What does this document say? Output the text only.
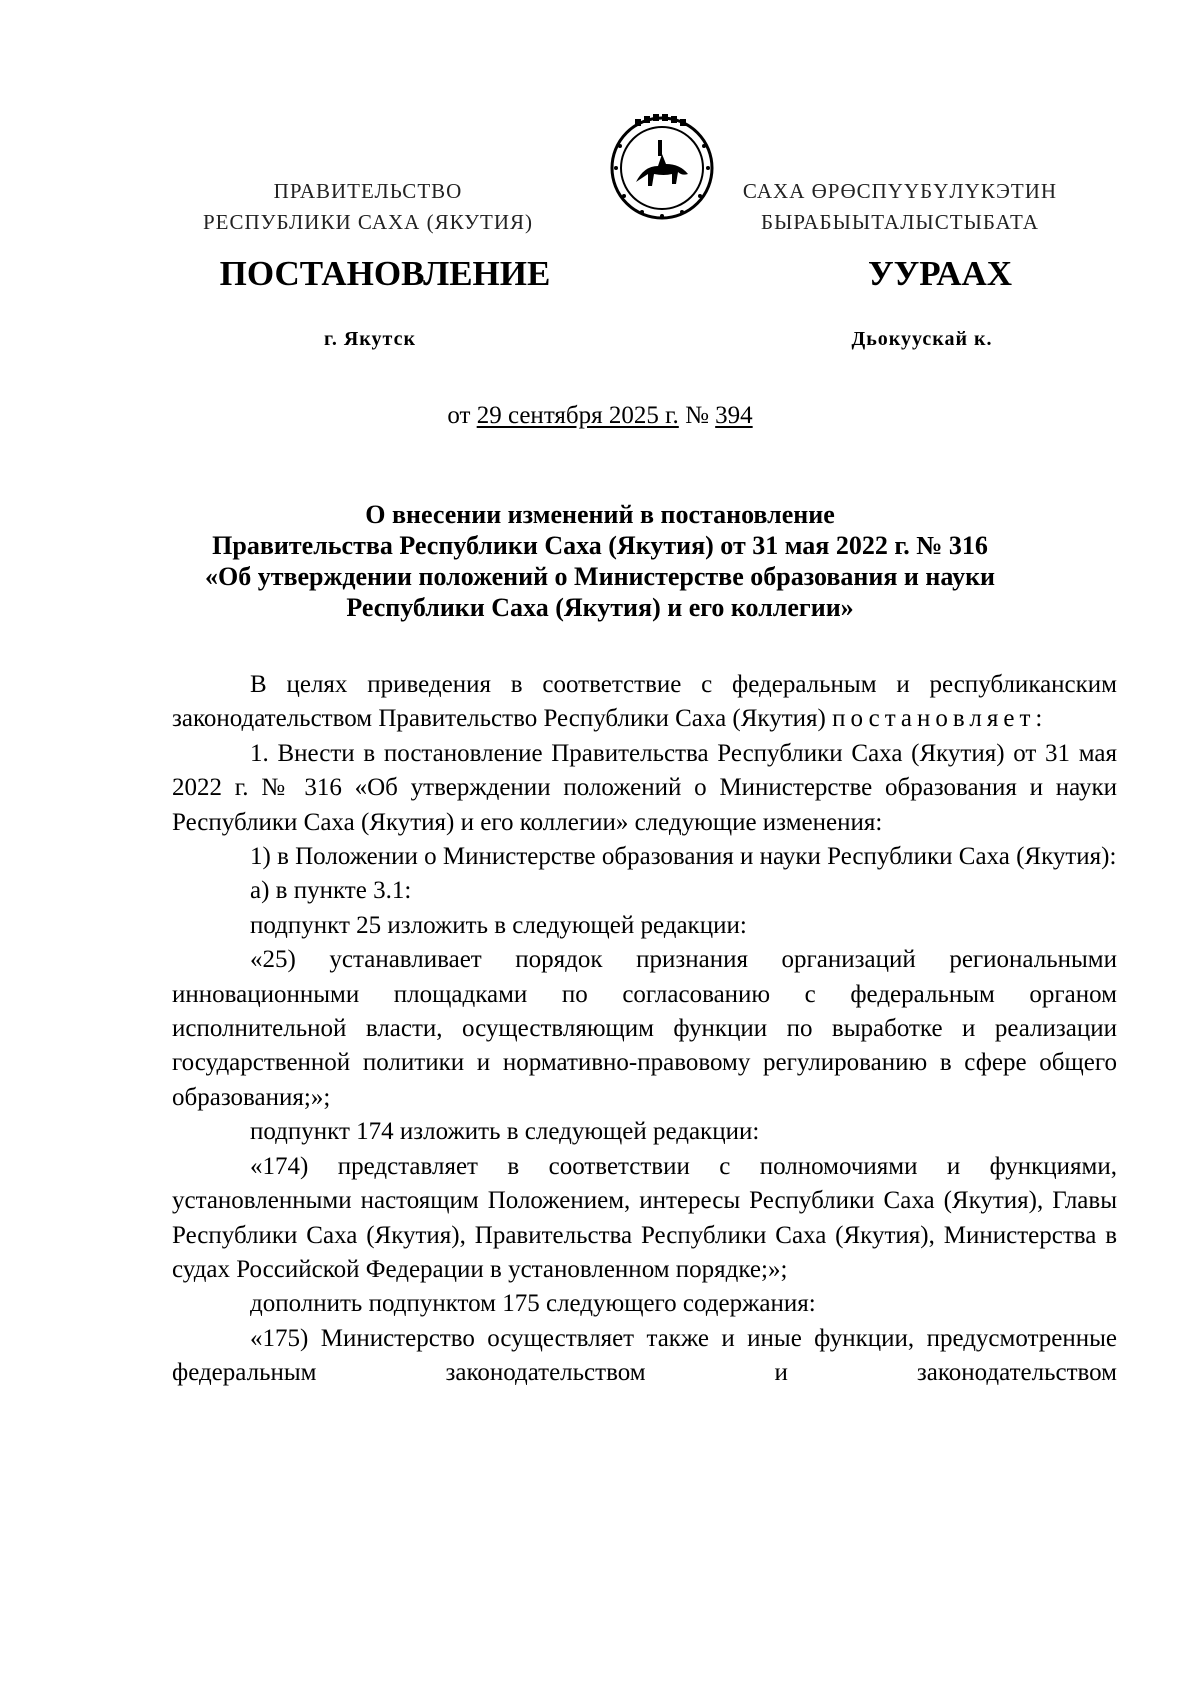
ПРАВИТЕЛЬСТВО
РЕСПУБЛИКИ САХА (ЯКУТИЯ)
САХА ӨРӨСПҮҮБҮЛҮКЭТИН
БЫРАБЫЫТАЛЫСТЫБАТА
ПОСТАНОВЛЕНИЕ	УУРААХ
г. Якутск	Дьокуускай к.
от 29 сентября 2025 г. № 394
О внесении изменений в постановление
Правительства Республики Саха (Якутия) от 31 мая 2022 г. № 316
«Об утверждении положений о Министерстве образования и науки
Республики Саха (Якутия) и его коллегии»

В целях приведения в соответствие с федеральным и республиканским законодательством Правительство Республики Саха (Якутия) постановляет:

1. Внести в постановление Правительства Республики Саха (Якутия) от 31 мая 2022 г. № 316 «Об утверждении положений о Министерстве образования и науки Республики Саха (Якутия) и его коллегии» следующие изменения:

1) в Положении о Министерстве образования и науки Республики Саха (Якутия):

а) в пункте 3.1:

подпункт 25 изложить в следующей редакции:

«25) устанавливает порядок признания организаций региональными инновационными площадками по согласованию с федеральным органом исполнительной власти, осуществляющим функции по выработке и реализации государственной политики и нормативно-правовому регулированию в сфере общего образования;»;

подпункт 174 изложить в следующей редакции:

«174) представляет в соответствии с полномочиями и функциями, установленными настоящим Положением, интересы Республики Саха (Якутия), Главы Республики Саха (Якутия), Правительства Республики Саха (Якутия), Министерства в судах Российской Федерации в установленном порядке;»;

дополнить подпунктом 175 следующего содержания:

«175) Министерство осуществляет также и иные функции, предусмотренные федеральным законодательством и законодательством
